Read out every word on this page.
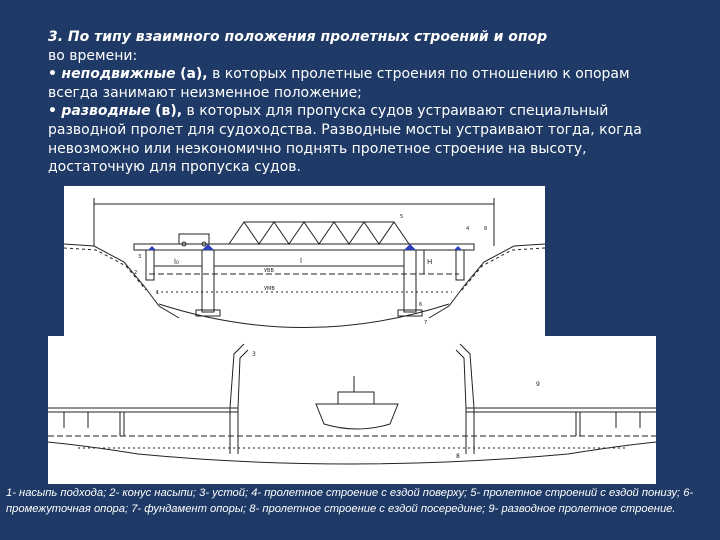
3. По типу взаимного положения пролетных строений и опор

во времени:

• неподвижные (а), в которых пролетные строения по отношению к опорам всегда занимают неизменное положение;

• разводные (в), в которых для пропуска судов устраивают специальный разводной пролет для судоходства. Разводные мосты устраивают тогда, когда невозможно или неэкономично поднять пролетное строение на высоту, достаточную для пропуска судов.

l
l₀
УВВ
УМВ
H
1
2
3
4
5
6
7
8
3
9
8
1- насыпь подхода; 2- конус насыпи; 3- устой; 4- пролетное строение с ездой поверху; 5- пролетное строений с ездой понизу; 6- промежуточная опора; 7- фундамент опоры; 8- пролетное строение с ездой посередине; 9- разводное пролетное строение.
